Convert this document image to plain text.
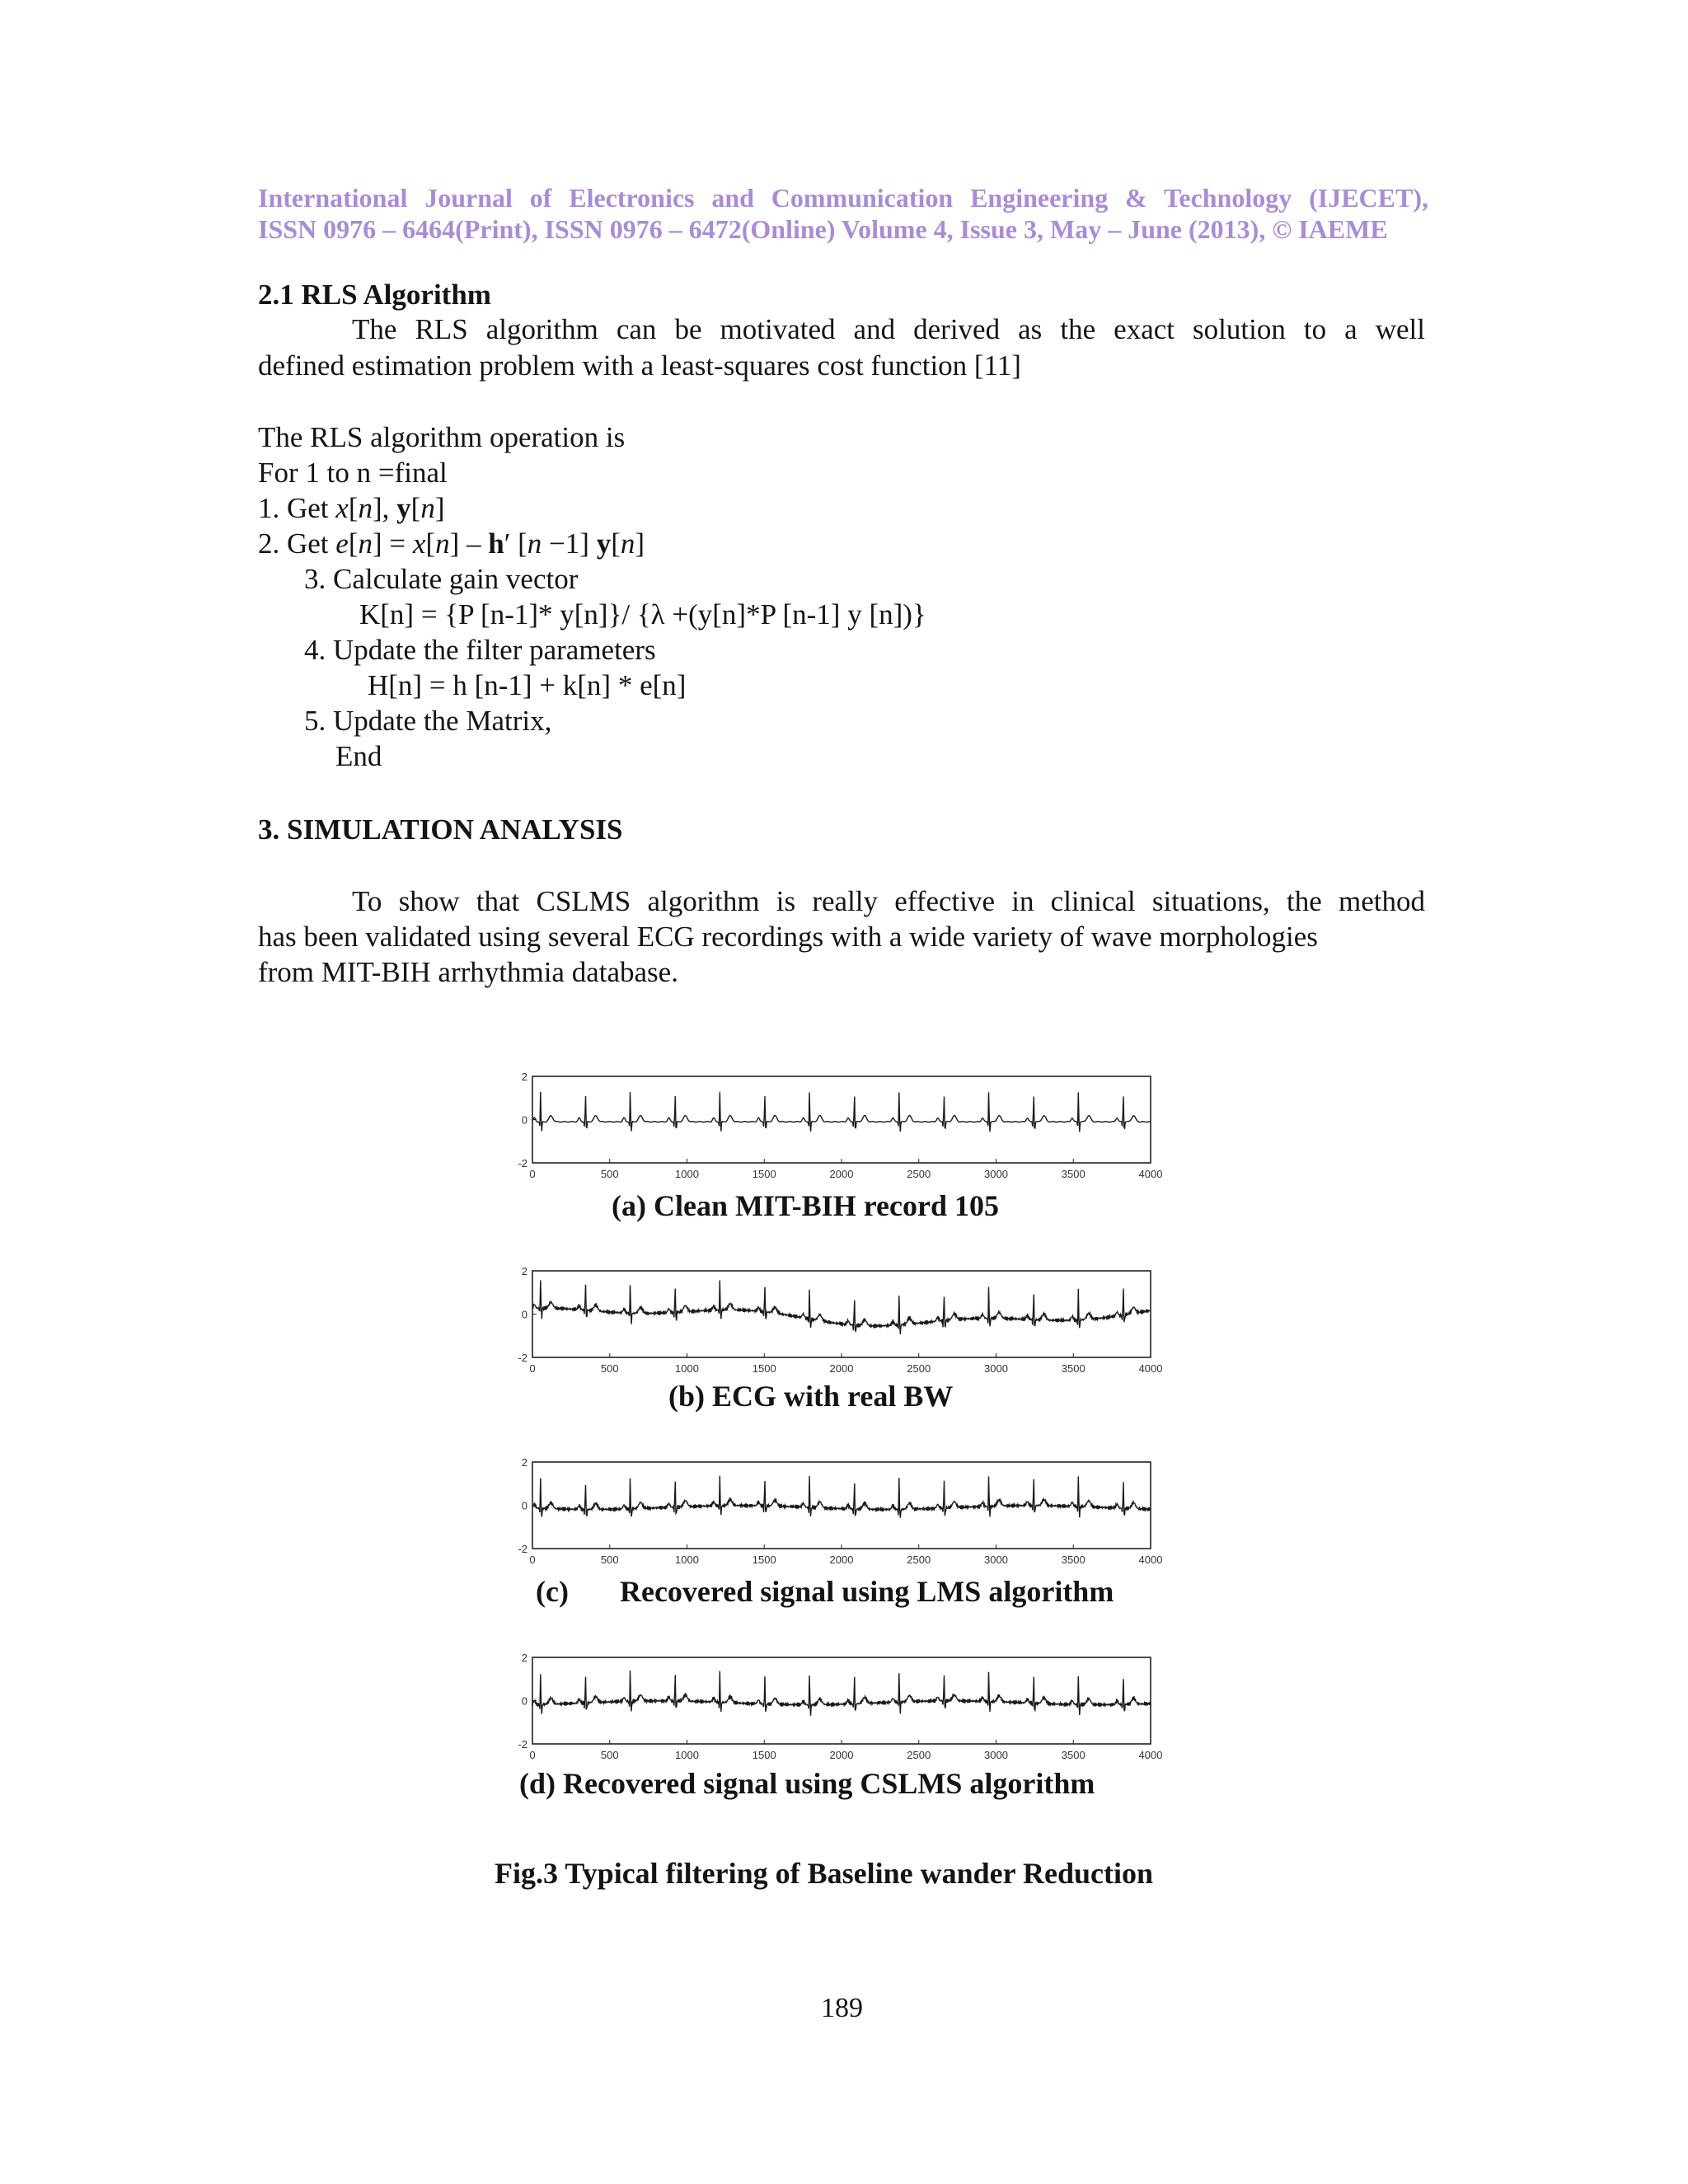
International Journal of Electronics and Communication Engineering & Technology (IJECET),
ISSN 0976 – 6464(Print), ISSN 0976 – 6472(Online) Volume 4, Issue 3, May – June (2013), © IAEME
2.1 RLS Algorithm
The RLS algorithm can be motivated and derived as the exact solution to a well
defined estimation problem with a least-squares cost function [11]
The RLS algorithm operation is
For 1 to n =final
1. Get x[n], y[n]
2. Get e[n] = x[n] – h′ [n −1] y[n]
3. Calculate gain vector
K[n] = {P [n-1]* y[n]}/ {λ +(y[n]*P [n-1] y [n])}
4. Update the filter parameters
H[n] = h [n-1] + k[n] * e[n]
5. Update the Matrix,
End
3. SIMULATION ANALYSIS
To show that CSLMS algorithm is really effective in clinical situations, the method
has been validated using several ECG recordings with a wide variety of wave morphologies
from MIT-BIH arrhythmia database.
0	500	1000	1500	2000	2500	3000	3500	4000
2
0
-2
(a) Clean MIT-BIH record 105
0	500	1000	1500	2000	2500	3000	3500	4000
2
0
-2
(b) ECG with real BW
0	500	1000	1500	2000	2500	3000	3500	4000
2
0
-2
(c) Recovered signal using LMS algorithm
0	500	1000	1500	2000	2500	3000	3500	4000
2
0
-2
(d) Recovered signal using CSLMS algorithm
Fig.3 Typical filtering of Baseline wander Reduction
189
